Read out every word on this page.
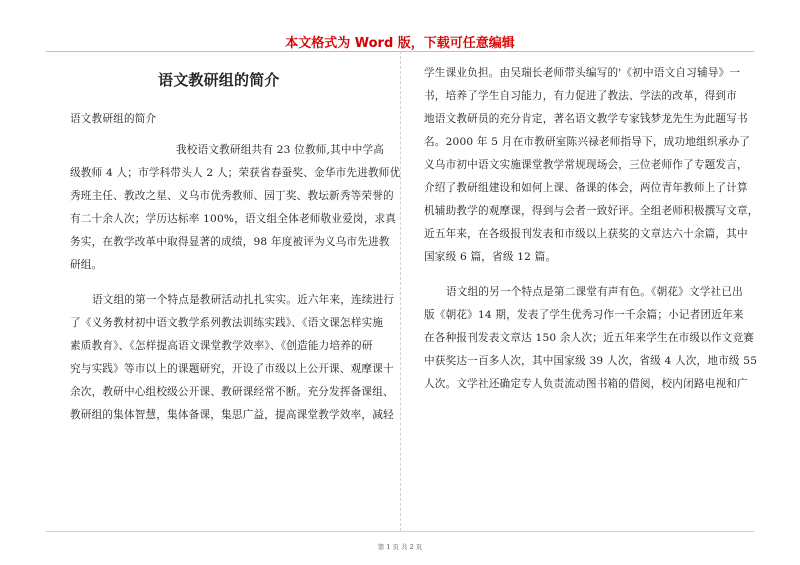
本文格式为 Word 版，下载可任意编辑
语文教研组的简介
语文教研组的简介
我校语文教研组共有 23 位教师,其中中学高
级教师 4 人；市学科带头人 2 人；荣获省春蚕奖、金华市先进教师优
秀班主任、教改之星、义乌市优秀教师、园丁奖、教坛新秀等荣誉的
有二十余人次；学历达标率 100%，语文组全体老师敬业爱岗，求真
务实，在教学改革中取得显著的成绩，98 年度被评为义乌市先进教
研组。
语文组的第一个特点是教研活动扎扎实实。近六年来，连续进行
了《义务教材初中语文教学系列教法训练实践》、《语文课怎样实施
素质教育》、《怎样提高语文课堂教学效率》、《创造能力培养的研
究与实践》等市以上的课题研究，开设了市级以上公开课、观摩课十
余次，教研中心组校级公开课、教研课经常不断。充分发挥备课组、
教研组的集体智慧，集体备课，集思广益，提高课堂教学效率，减轻
学生课业负担。由吴瑞长老师带头编写的'《初中语文自习辅导》一
书，培养了学生自习能力，有力促进了教法、学法的改革，得到市
地语文教研员的充分肯定，著名语文教学专家钱梦龙先生为此题写书
名。2000 年 5 月在市教研室陈兴禄老师指导下，成功地组织承办了
义乌市初中语文实施课堂教学常规现场会，三位老师作了专题发言，
介绍了教研组建设和如何上课、备课的体会，两位青年教师上了计算
机辅助教学的观摩课，得到与会者一致好评。全组老师积极撰写文章，
近五年来，在各级报刊发表和市级以上获奖的文章达六十余篇，其中
国家级 6 篇，省级 12 篇。
语文组的另一个特点是第二课堂有声有色。《朝花》文学社已出
版《朝花》14 期，发表了学生优秀习作一千余篇；小记者团近年来
在各种报刊发表文章达 150 余人次；近五年来学生在市级以作文竞赛
中获奖达一百多人次，其中国家级 39 人次，省级 4 人次，地市级 55
人次。文学社还确定专人负责流动图书箱的借阅，校内闭路电视和广
第 1 页 共 2 页
